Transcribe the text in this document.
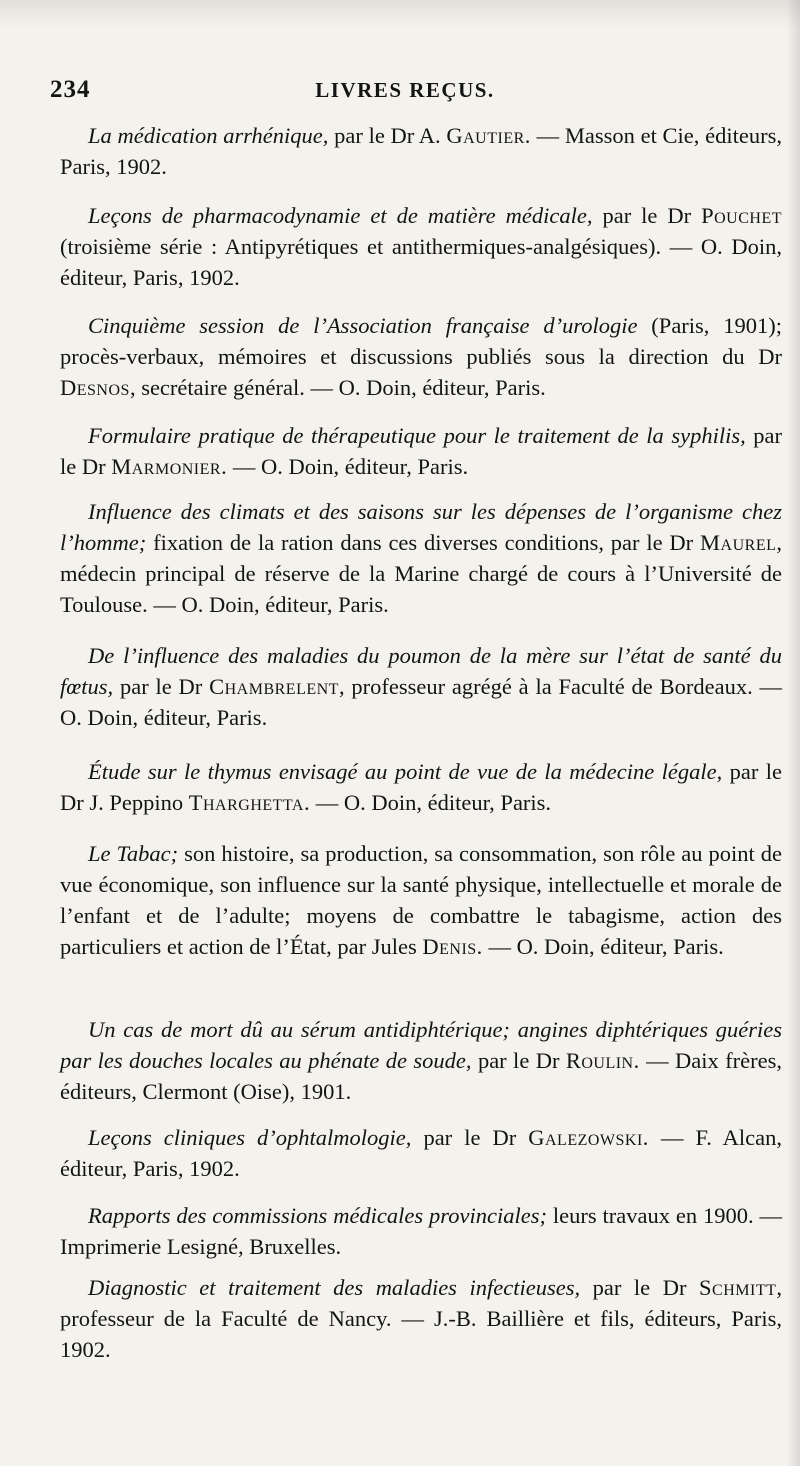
234	LIVRES REÇUS.
La médication arrhénique, par le Dr A. Gautier. — Masson et Cie, éditeurs, Paris, 1902.
Leçons de pharmacodynamie et de matière médicale, par le Dr Pouchet (troisième série : Antipyrétiques et antithermiques-analgésiques). — O. Doin, éditeur, Paris, 1902.
Cinquième session de l’Association française d’urologie (Paris, 1901); procès-verbaux, mémoires et discussions publiés sous la direction du Dr Desnos, secrétaire général. — O. Doin, éditeur, Paris.
Formulaire pratique de thérapeutique pour le traitement de la syphilis, par le Dr Marmonier. — O. Doin, éditeur, Paris.
Influence des climats et des saisons sur les dépenses de l’organisme chez l’homme; fixation de la ration dans ces diverses conditions, par le Dr Maurel, médecin principal de réserve de la Marine chargé de cours à l’Université de Toulouse. — O. Doin, éditeur, Paris.
De l’influence des maladies du poumon de la mère sur l’état de santé du fœtus, par le Dr Chambrelent, professeur agrégé à la Faculté de Bordeaux. — O. Doin, éditeur, Paris.
Étude sur le thymus envisagé au point de vue de la médecine légale, par le Dr J. Peppino Tharghetta. — O. Doin, éditeur, Paris.
Le Tabac; son histoire, sa production, sa consommation, son rôle au point de vue économique, son influence sur la santé physique, intellectuelle et morale de l’enfant et de l’adulte; moyens de combattre le tabagisme, action des particuliers et action de l’État, par Jules Denis. — O. Doin, éditeur, Paris.
Un cas de mort dû au sérum antidiphtérique; angines diphtériques guéries par les douches locales au phénate de soude, par le Dr Roulin. — Daix frères, éditeurs, Clermont (Oise), 1901.
Leçons cliniques d’ophtalmologie, par le Dr Galezowski. — F. Alcan, éditeur, Paris, 1902.
Rapports des commissions médicales provinciales; leurs travaux en 1900. — Imprimerie Lesigné, Bruxelles.
Diagnostic et traitement des maladies infectieuses, par le Dr Schmitt, professeur de la Faculté de Nancy. — J.-B. Baillière et fils, éditeurs, Paris, 1902.
